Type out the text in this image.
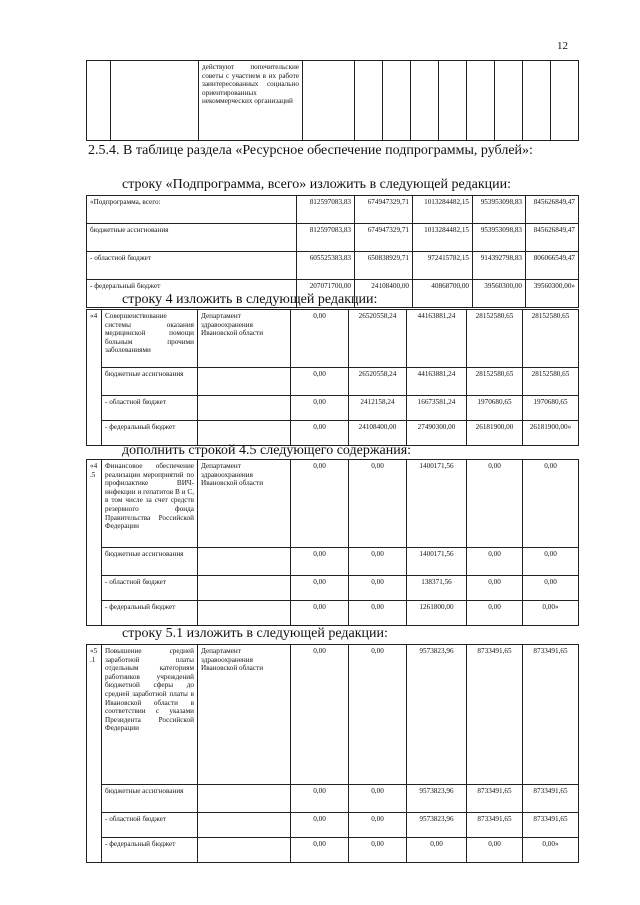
12
		действуют попечительские советы с участием в их работе заинтересованных социально ориентированных некоммерческих организаций									
2.5.4. В таблице раздела «Ресурсное обеспечение подпрограммы, рублей»:
строку «Подпрограмма, всего» изложить в следующей редакции:
«Подпрограмма, всего:	812597083,83	674947329,71	1013284482,15	953953098,83	845626849,47
бюджетные ассигнования	812597083,83	674947329,71	1013284482,15	953953098,83	845626849,47
- областной бюджет	605525383,83	650838929,71	972415782,15	914392798,83	806066549,47
- федеральный бюджет	207071700,00	24108400,00	40868700,00	39560300,00	39560300,00»
строку 4 изложить в следующей редакции:
«4	Совершенствование системы оказания медицинской помощи больным прочими заболеваниями	Департамент здравоохранения Ивановской области	0,00	26520558,24	44163881,24	28152580,65	28152580,65
	бюджетные ассигнования		0,00	26520558,24	44163881,24	28152580,65	28152580,65
	- областной бюджет		0,00	2412158,24	16673581,24	1970680,65	1970680,65
	- федеральный бюджет		0,00	24108400,00	27490300,00	26181900,00	26181900,00»
дополнить строкой 4.5 следующего содержания:
«4.5	Финансовое обеспечение реализации мероприятий по профилактике ВИЧ-инфекции и гепатитов В и С, в том числе за счет средств резервного фонда Правительства Российской Федерации	Департамент здравоохранения Ивановской области	0,00	0,00	1400171,56	0,00	0,00
	бюджетные ассигнования		0,00	0,00	1400171,56	0,00	0,00
	- областной бюджет		0,00	0,00	138371,56	0,00	0,00
	- федеральный бюджет		0,00	0,00	1261800,00	0,00	0,00»
строку 5.1 изложить в следующей редакции:
«5.1	Повышение средней заработной платы отдельным категориям работников учреждений бюджетной сферы до средней заработной платы в Ивановской области в соответствии с указами Президента Российской Федерации	Департамент здравоохранения Ивановской области	0,00	0,00	9573823,96	8733491,65	8733491,65
	бюджетные ассигнования		0,00	0,00	9573823,96	8733491,65	8733491,65
	- областной бюджет		0,00	0,00	9573823,96	8733491,65	8733491,65
	- федеральный бюджет		0,00	0,00	0,00	0,00	0,00»
